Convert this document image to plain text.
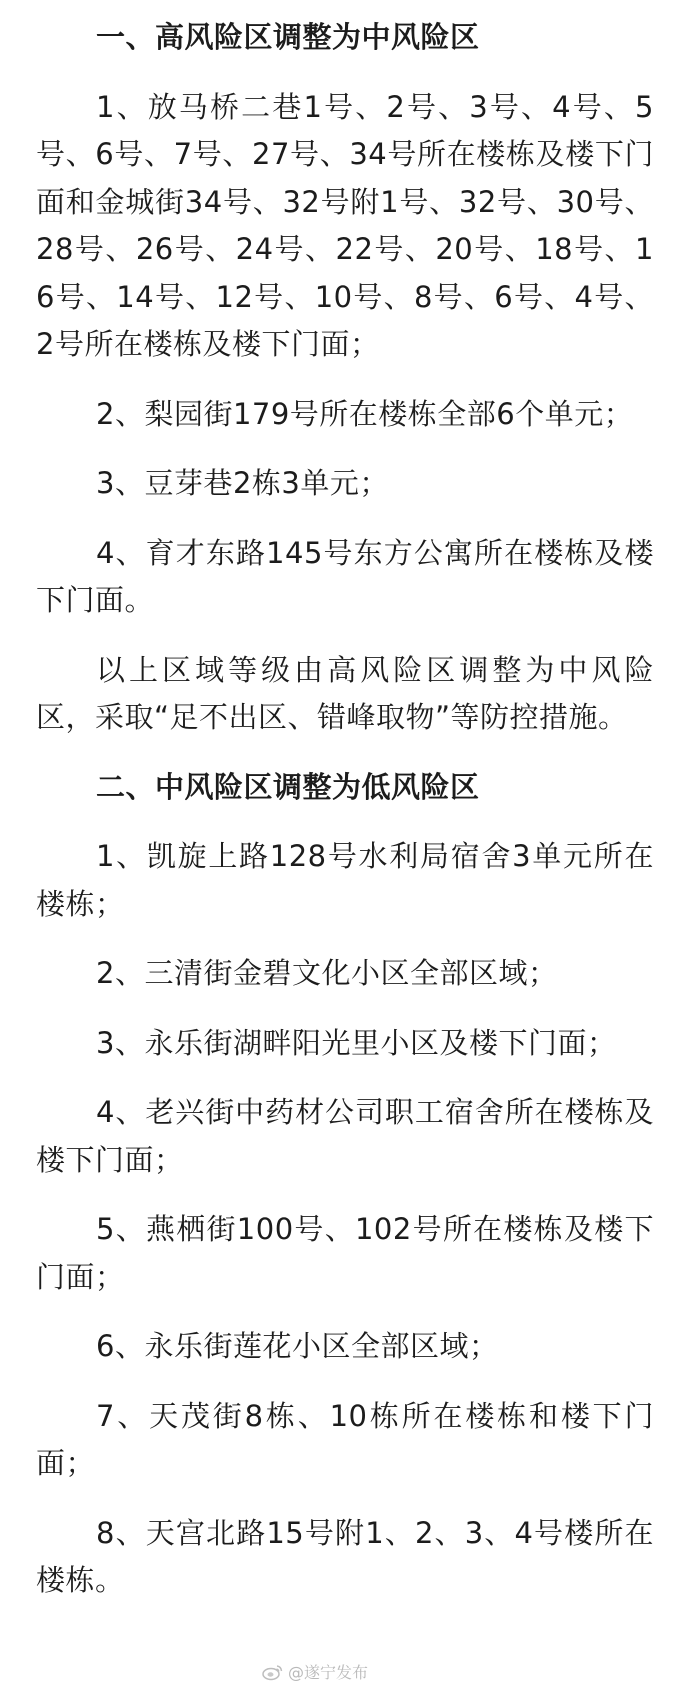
一、高风险区调整为中风险区

1、放马桥二巷1号、2号、3号、4号、5号、6号、7号、27号、34号所在楼栋及楼下门面和金城街34号、32号附1号、32号、30号、28号、26号、24号、22号、20号、18号、16号、14号、12号、10号、8号、6号、4号、2号所在楼栋及楼下门面；

2、梨园街179号所在楼栋全部6个单元；

3、豆芽巷2栋3单元；

4、育才东路145号东方公寓所在楼栋及楼下门面。

以上区域等级由高风险区调整为中风险区，采取“足不出区、错峰取物”等防控措施。

二、中风险区调整为低风险区

1、凯旋上路128号水利局宿舍3单元所在楼栋；

2、三清街金碧文化小区全部区域；

3、永乐街湖畔阳光里小区及楼下门面；

4、老兴街中药材公司职工宿舍所在楼栋及楼下门面；

5、燕栖街100号、102号所在楼栋及楼下门面；

6、永乐街莲花小区全部区域；

7、天茂街8栋、10栋所在楼栋和楼下门面；

8、天宫北路15号附1、2、3、4号楼所在楼栋。

@遂宁发布
